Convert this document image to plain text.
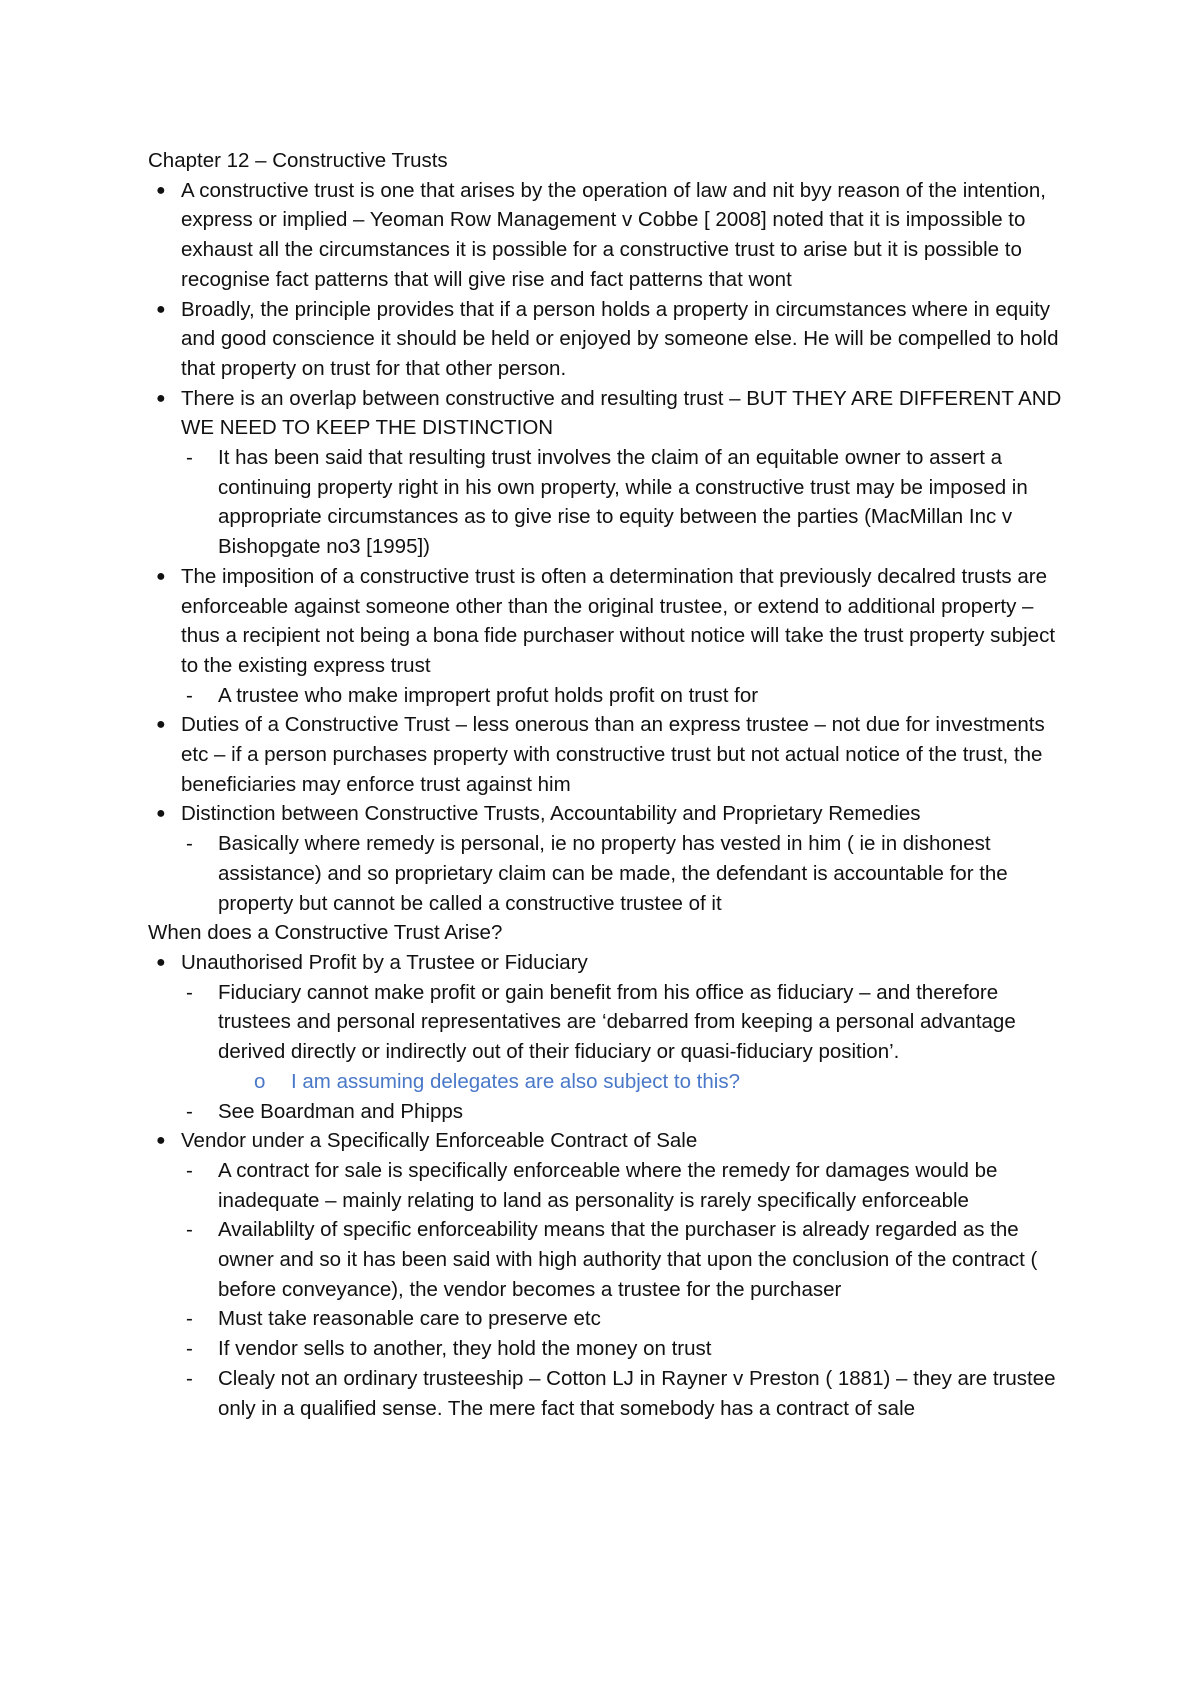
Chapter 12 – Constructive Trusts

● A constructive trust is one that arises by the operation of law and nit byy reason of the intention, express or implied – Yeoman Row Management v Cobbe [ 2008] noted that it is impossible to exhaust all the circumstances it is possible for a constructive trust to arise but it is possible to recognise fact patterns that will give rise and fact patterns that wont
● Broadly, the principle provides that if a person holds a property in circumstances where in equity and good conscience it should be held or enjoyed by someone else. He will be compelled to hold that property on trust for that other person.
● There is an overlap between constructive and resulting trust – BUT THEY ARE DIFFERENT AND WE NEED TO KEEP THE DISTINCTION
- It has been said that resulting trust involves the claim of an equitable owner to assert a continuing property right in his own property, while a constructive trust may be imposed in appropriate circumstances as to give rise to equity between the parties (MacMillan Inc v Bishopgate no3 [1995])
● The imposition of a constructive trust is often a determination that previously decalred trusts are enforceable against someone other than the original trustee, or extend to additional property – thus a recipient not being a bona fide purchaser without notice will take the trust property subject to the existing express trust
- A trustee who make impropert profut holds profit on trust for
● Duties of a Constructive Trust – less onerous than an express trustee – not due for investments etc – if a person purchases property with constructive trust but not actual notice of the trust, the beneficiaries may enforce trust against him
● Distinction between Constructive Trusts, Accountability and Proprietary Remedies
- Basically where remedy is personal, ie no property has vested in him ( ie in dishonest assistance) and so proprietary claim can be made, the defendant is accountable for the property but cannot be called a constructive trustee of it

When does a Constructive Trust Arise?

● Unauthorised Profit by a Trustee or Fiduciary
- Fiduciary cannot make profit or gain benefit from his office as fiduciary – and therefore trustees and personal representatives are ‘debarred from keeping a personal advantage derived directly or indirectly out of their fiduciary or quasi-fiduciary position’.
o I am assuming delegates are also subject to this?
- See Boardman and Phipps
● Vendor under a Specifically Enforceable Contract of Sale
- A contract for sale is specifically enforceable where the remedy for damages would be inadequate – mainly relating to land as personality is rarely specifically enforceable
- Availablilty of specific enforceability means that the purchaser is already regarded as the owner and so it has been said with high authority that upon the conclusion of the contract ( before conveyance), the vendor becomes a trustee for the purchaser
- Must take reasonable care to preserve etc
- If vendor sells to another, they hold the money on trust
- Clealy not an ordinary trusteeship – Cotton LJ in Rayner v Preston ( 1881) – they are trustee only in a qualified sense. The mere fact that somebody has a contract of sale
